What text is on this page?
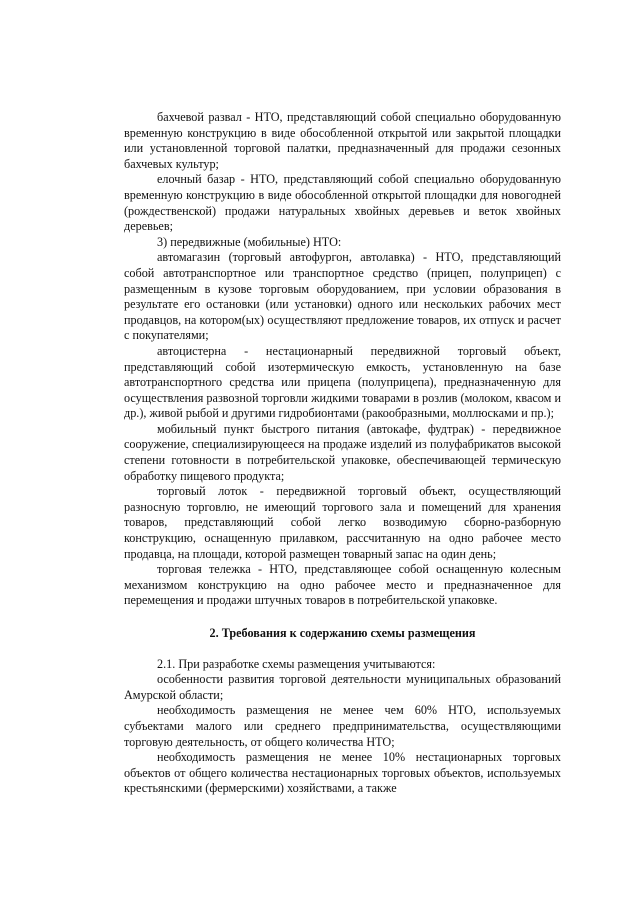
бахчевой развал - НТО, представляющий собой специально оборудованную временную конструкцию в виде обособленной открытой или закрытой площадки или установленной торговой палатки, предназначенный для продажи сезонных бахчевых культур;

елочный базар - НТО, представляющий собой специально оборудованную временную конструкцию в виде обособленной открытой площадки для новогодней (рождественской) продажи натуральных хвойных деревьев и веток хвойных деревьев;

3) передвижные (мобильные) НТО:

автомагазин (торговый автофургон, автолавка) - НТО, представляющий собой автотранспортное или транспортное средство (прицеп, полуприцеп) с размещенным в кузове торговым оборудованием, при условии образования в результате его остановки (или установки) одного или нескольких рабочих мест продавцов, на котором(ых) осуществляют предложение товаров, их отпуск и расчет с покупателями;

автоцистерна - нестационарный передвижной торговый объект, представляющий собой изотермическую емкость, установленную на базе автотранспортного средства или прицепа (полуприцепа), предназначенную для осуществления развозной торговли жидкими товарами в розлив (молоком, квасом и др.), живой рыбой и другими гидробионтами (ракообразными, моллюсками и пр.);

мобильный пункт быстрого питания (автокафе, фудтрак) - передвижное сооружение, специализирующееся на продаже изделий из полуфабрикатов высокой степени готовности в потребительской упаковке, обеспечивающей термическую обработку пищевого продукта;

торговый лоток - передвижной торговый объект, осуществляющий разносную торговлю, не имеющий торгового зала и помещений для хранения товаров, представляющий собой легко возводимую сборно-разборную конструкцию, оснащенную прилавком, рассчитанную на одно рабочее место продавца, на площади, которой размещен товарный запас на один день;

торговая тележка - НТО, представляющее собой оснащенную колесным механизмом конструкцию на одно рабочее место и предназначенное для перемещения и продажи штучных товаров в потребительской упаковке.

2. Требования к содержанию схемы размещения

2.1. При разработке схемы размещения учитываются:

особенности развития торговой деятельности муниципальных образований Амурской области;

необходимость размещения не менее чем 60% НТО, используемых субъектами малого или среднего предпринимательства, осуществляющими торговую деятельность, от общего количества НТО;

необходимость размещения не менее 10% нестационарных торговых объектов от общего количества нестационарных торговых объектов, используемых крестьянскими (фермерскими) хозяйствами, а также
